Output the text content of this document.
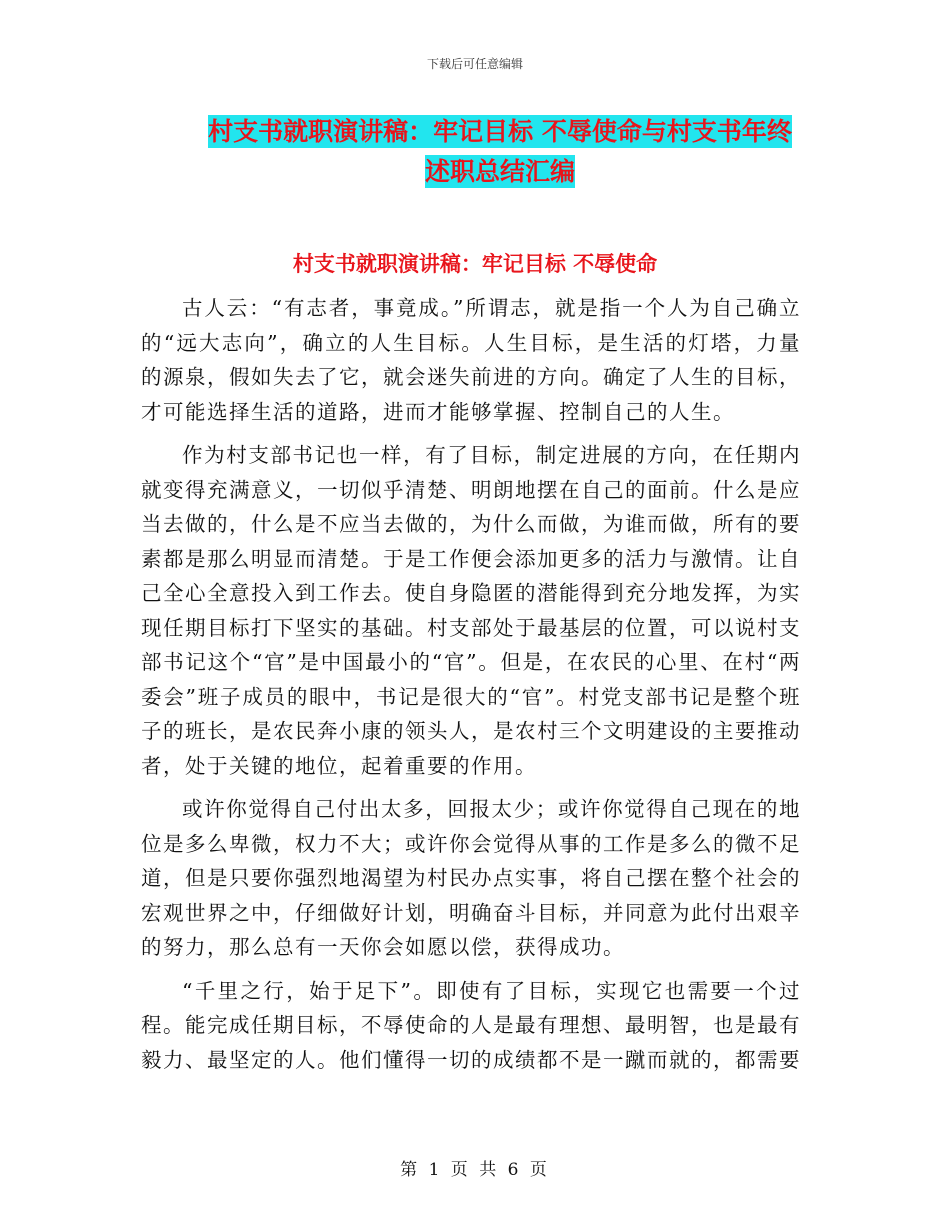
下载后可任意编辑
村支书就职演讲稿：牢记目标 不辱使命与村支书年终
述职总结汇编
村支书就职演讲稿：牢记目标 不辱使命

古人云：“有志者，事竟成。”所谓志，就是指一个人为自己确立的“远大志向”，确立的人生目标。人生目标，是生活的灯塔，力量的源泉，假如失去了它，就会迷失前进的方向。确定了人生的目标，才可能选择生活的道路，进而才能够掌握、控制自己的人生。

作为村支部书记也一样，有了目标，制定进展的方向，在任期内就变得充满意义，一切似乎清楚、明朗地摆在自己的面前。什么是应当去做的，什么是不应当去做的，为什么而做，为谁而做，所有的要素都是那么明显而清楚。于是工作便会添加更多的活力与激情。让自己全心全意投入到工作去。使自身隐匿的潜能得到充分地发挥，为实现任期目标打下坚实的基础。村支部处于最基层的位置，可以说村支部书记这个“官”是中国最小的“官”。但是，在农民的心里、在村“两委会”班子成员的眼中，书记是很大的“官”。村党支部书记是整个班子的班长，是农民奔小康的领头人，是农村三个文明建设的主要推动者，处于关键的地位，起着重要的作用。

或许你觉得自己付出太多，回报太少；或许你觉得自己现在的地位是多么卑微，权力不大；或许你会觉得从事的工作是多么的微不足道，但是只要你强烈地渴望为村民办点实事，将自己摆在整个社会的宏观世界之中，仔细做好计划，明确奋斗目标，并同意为此付出艰辛的努力，那么总有一天你会如愿以偿，获得成功。

“千里之行，始于足下”。即使有了目标，实现它也需要一个过程。能完成任期目标，不辱使命的人是最有理想、最明智，也是最有毅力、最坚定的人。他们懂得一切的成绩都不是一蹴而就的，都需要

第 1 页 共 6 页
